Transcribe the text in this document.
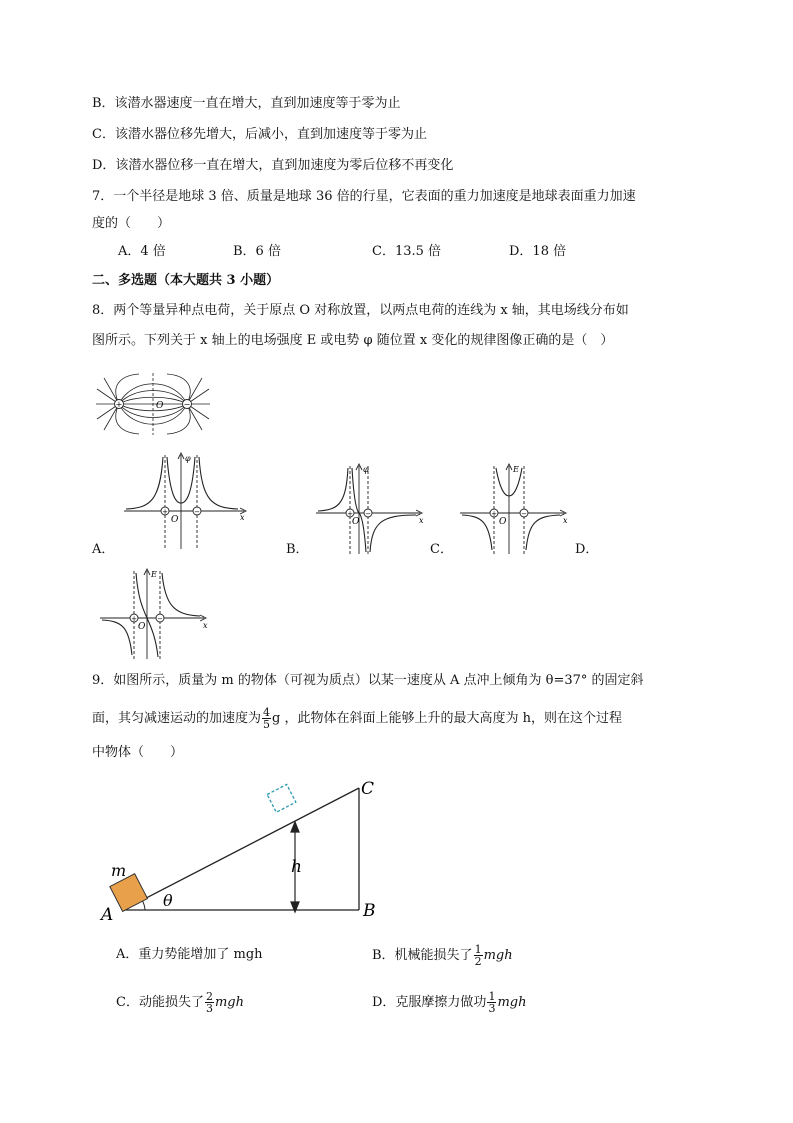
B．该潜水器速度一直在增大，直到加速度等于零为止
C．该潜水器位移先增大，后减小，直到加速度等于零为止
D．该潜水器位移一直在增大，直到加速度为零后位移不再变化
7．一个半径是地球 3 倍、质量是地球 36 倍的行星，它表面的重力加速度是地球表面重力加速
度的（　　）
A．4 倍	B．6 倍	C．13.5 倍	D．18 倍
二、多选题（本大题共 3 小题）
8．两个等量异种点电荷，关于原点 O 对称放置，以两点电荷的连线为 x 轴，其电场线分布如
图所示。下列关于 x 轴上的电场强度 E 或电势 φ 随位置 x 变化的规律图像正确的是（　）
+	−
O
+	−
O
φ
x
A．
+ −
O
φ
x
B．
+	−
O
E
x
C．	D．
+	−
O
E
x
9．如图所示，质量为 m 的物体（可视为质点）以某一速度从 A 点冲上倾角为 θ=37° 的固定斜
面，其匀减速运动的加速度为 $\frac{4}{5}$ g ，此物体在斜面上能够上升的最大高度为 h，则在这个过程
中物体（　　）
h
θ
m
A	B
C
A．重力势能增加了 mgh	B．机械能损失了 $\frac{1}{2}$ mgh
C．动能损失了 $\frac{2}{3}$ mgh	D．克服摩擦力做功 $\frac{1}{3}$ mgh
